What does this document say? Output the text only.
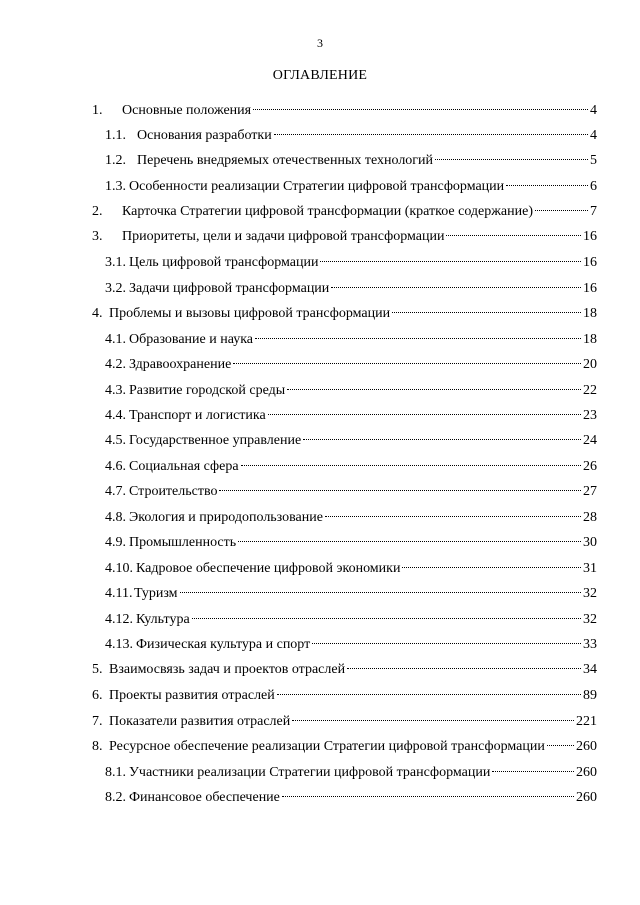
3
ОГЛАВЛЕНИЕ
1.	Основные положения	4
1.1. Основания разработки	4
1.2. Перечень внедряемых отечественных технологий	5
1.3. Особенности реализации Стратегии цифровой трансформации	6
2.	Карточка Стратегии цифровой трансформации (краткое содержание)	7
3.	Приоритеты, цели и задачи цифровой трансформации	16
3.1. Цель цифровой трансформации	16
3.2. Задачи цифровой трансформации	16
4. Проблемы и вызовы цифровой трансформации	18
4.1. Образование и наука	18
4.2. Здравоохранение	20
4.3. Развитие городской среды	22
4.4. Транспорт и логистика	23
4.5. Государственное управление	24
4.6. Социальная сфера	26
4.7. Строительство	27
4.8. Экология и природопользование	28
4.9. Промышленность	30
4.10. Кадровое обеспечение цифровой экономики	31
4.11. Туризм	32
4.12. Культура	32
4.13. Физическая культура и спорт	33
5. Взаимосвязь задач и проектов отраслей	34
6. Проекты развития отраслей	89
7. Показатели развития отраслей	221
8. Ресурсное обеспечение реализации Стратегии цифровой трансформации 260
8.1. Участники реализации Стратегии цифровой трансформации	260
8.2. Финансовое обеспечение	260
